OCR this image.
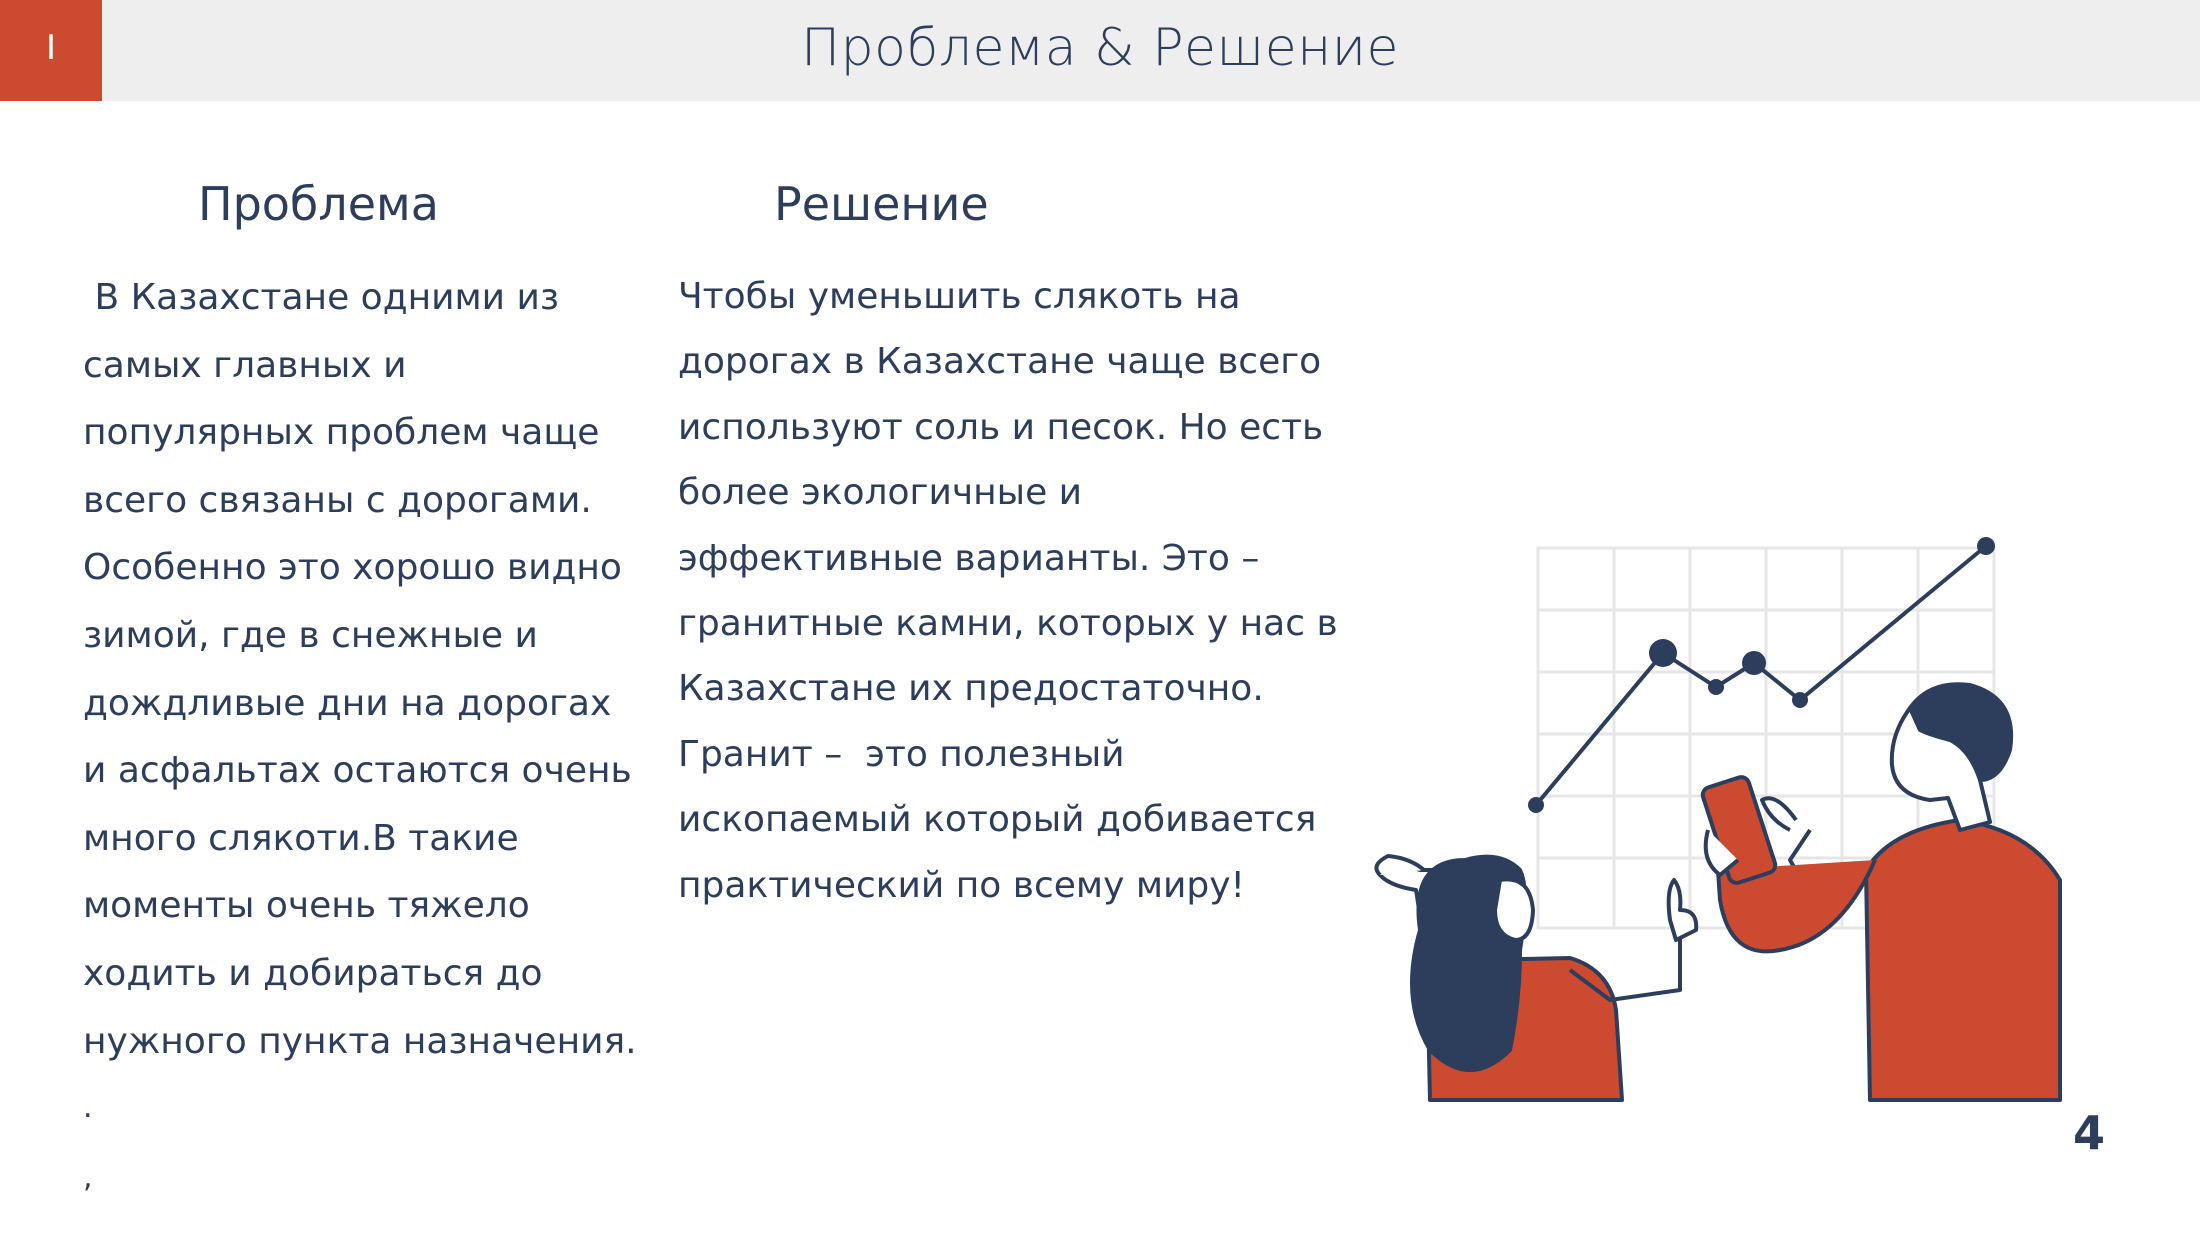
I	Проблема & Решение
Проблема	Решение

В Казахстане одними из
самых главных и
популярных проблем чаще
всего связаны с дорогами.
Особенно это хорошо видно
зимой, где в снежные и
дождливые дни на дорогах
и асфальтах остаются очень
много слякоти.В такие
моменты очень тяжело
ходить и добираться до
нужного пункта назначения.

.
,

Чтобы уменьшить слякоть на
дорогах в Казахстане чаще всего
используют соль и песок. Но есть
более экологичные и
эффективные варианты. Это –
гранитные камни, которых у нас в
Казахстане их предостаточно.
Гранит –  это полезный
ископаемый который добивается
практический по всему миру!

4
